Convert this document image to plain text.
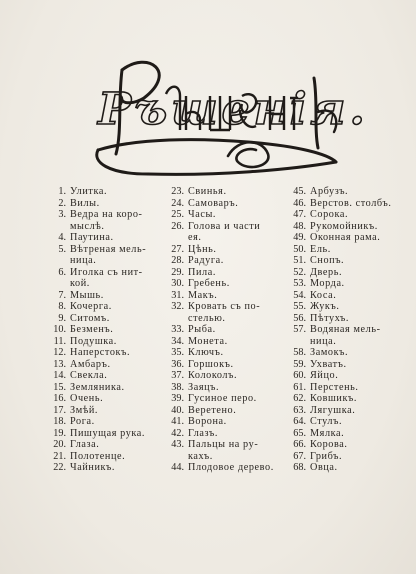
Ръшенія.
1. Улитка.
2. Вилы.
3. Ведра на коро-
мыслѣ.
4. Паутина.
5. Вѣтреная мель-
ница.
6. Иголка съ нит-
кой.
7. Мышь.
8. Кочерга.
9. Ситомъ.
10. Безменъ.
11. Подушка.
12. Наперстокъ.
13. Амбаръ.
14. Свекла.
15. Земляника.
16. Очень.
17. Змѣй.
18. Рога.
19. Пишущая рука.
20. Глаза.
21. Полотенце.
22. Чайникъ.
23. Свинья.
24. Самоваръ.
25. Часы.
26. Голова и части
ея.
27. Цѣнь.
28. Радуга.
29. Пила.
30. Гребень.
31. Макъ.
32. Кровать съ по-
стелью.
33. Рыба.
34. Монета.
35. Ключъ.
36. Горшокъ.
37. Колоколъ.
38. Заяцъ.
39. Гусиное перо.
40. Веретено.
41. Ворона.
42. Глазъ.
43. Пальцы на ру-
кахъ.
44. Плодовое дерево.
45. Арбузъ.
46. Верстов. столбъ.
47. Сорока.
48. Рукомойникъ.
49. Оконная рама.
50. Ель.
51. Снопъ.
52. Дверь.
53. Морда.
54. Коса.
55. Жукъ.
56. Пѣтухъ.
57. Водяная мель-
ница.
58. Замокъ.
59. Ухватъ.
60. Яйцо.
61. Перстень.
62. Ковшикъ.
63. Лягушка.
64. Стулъ.
65. Мялка.
66. Корова.
67. Грибъ.
68. Овца.
